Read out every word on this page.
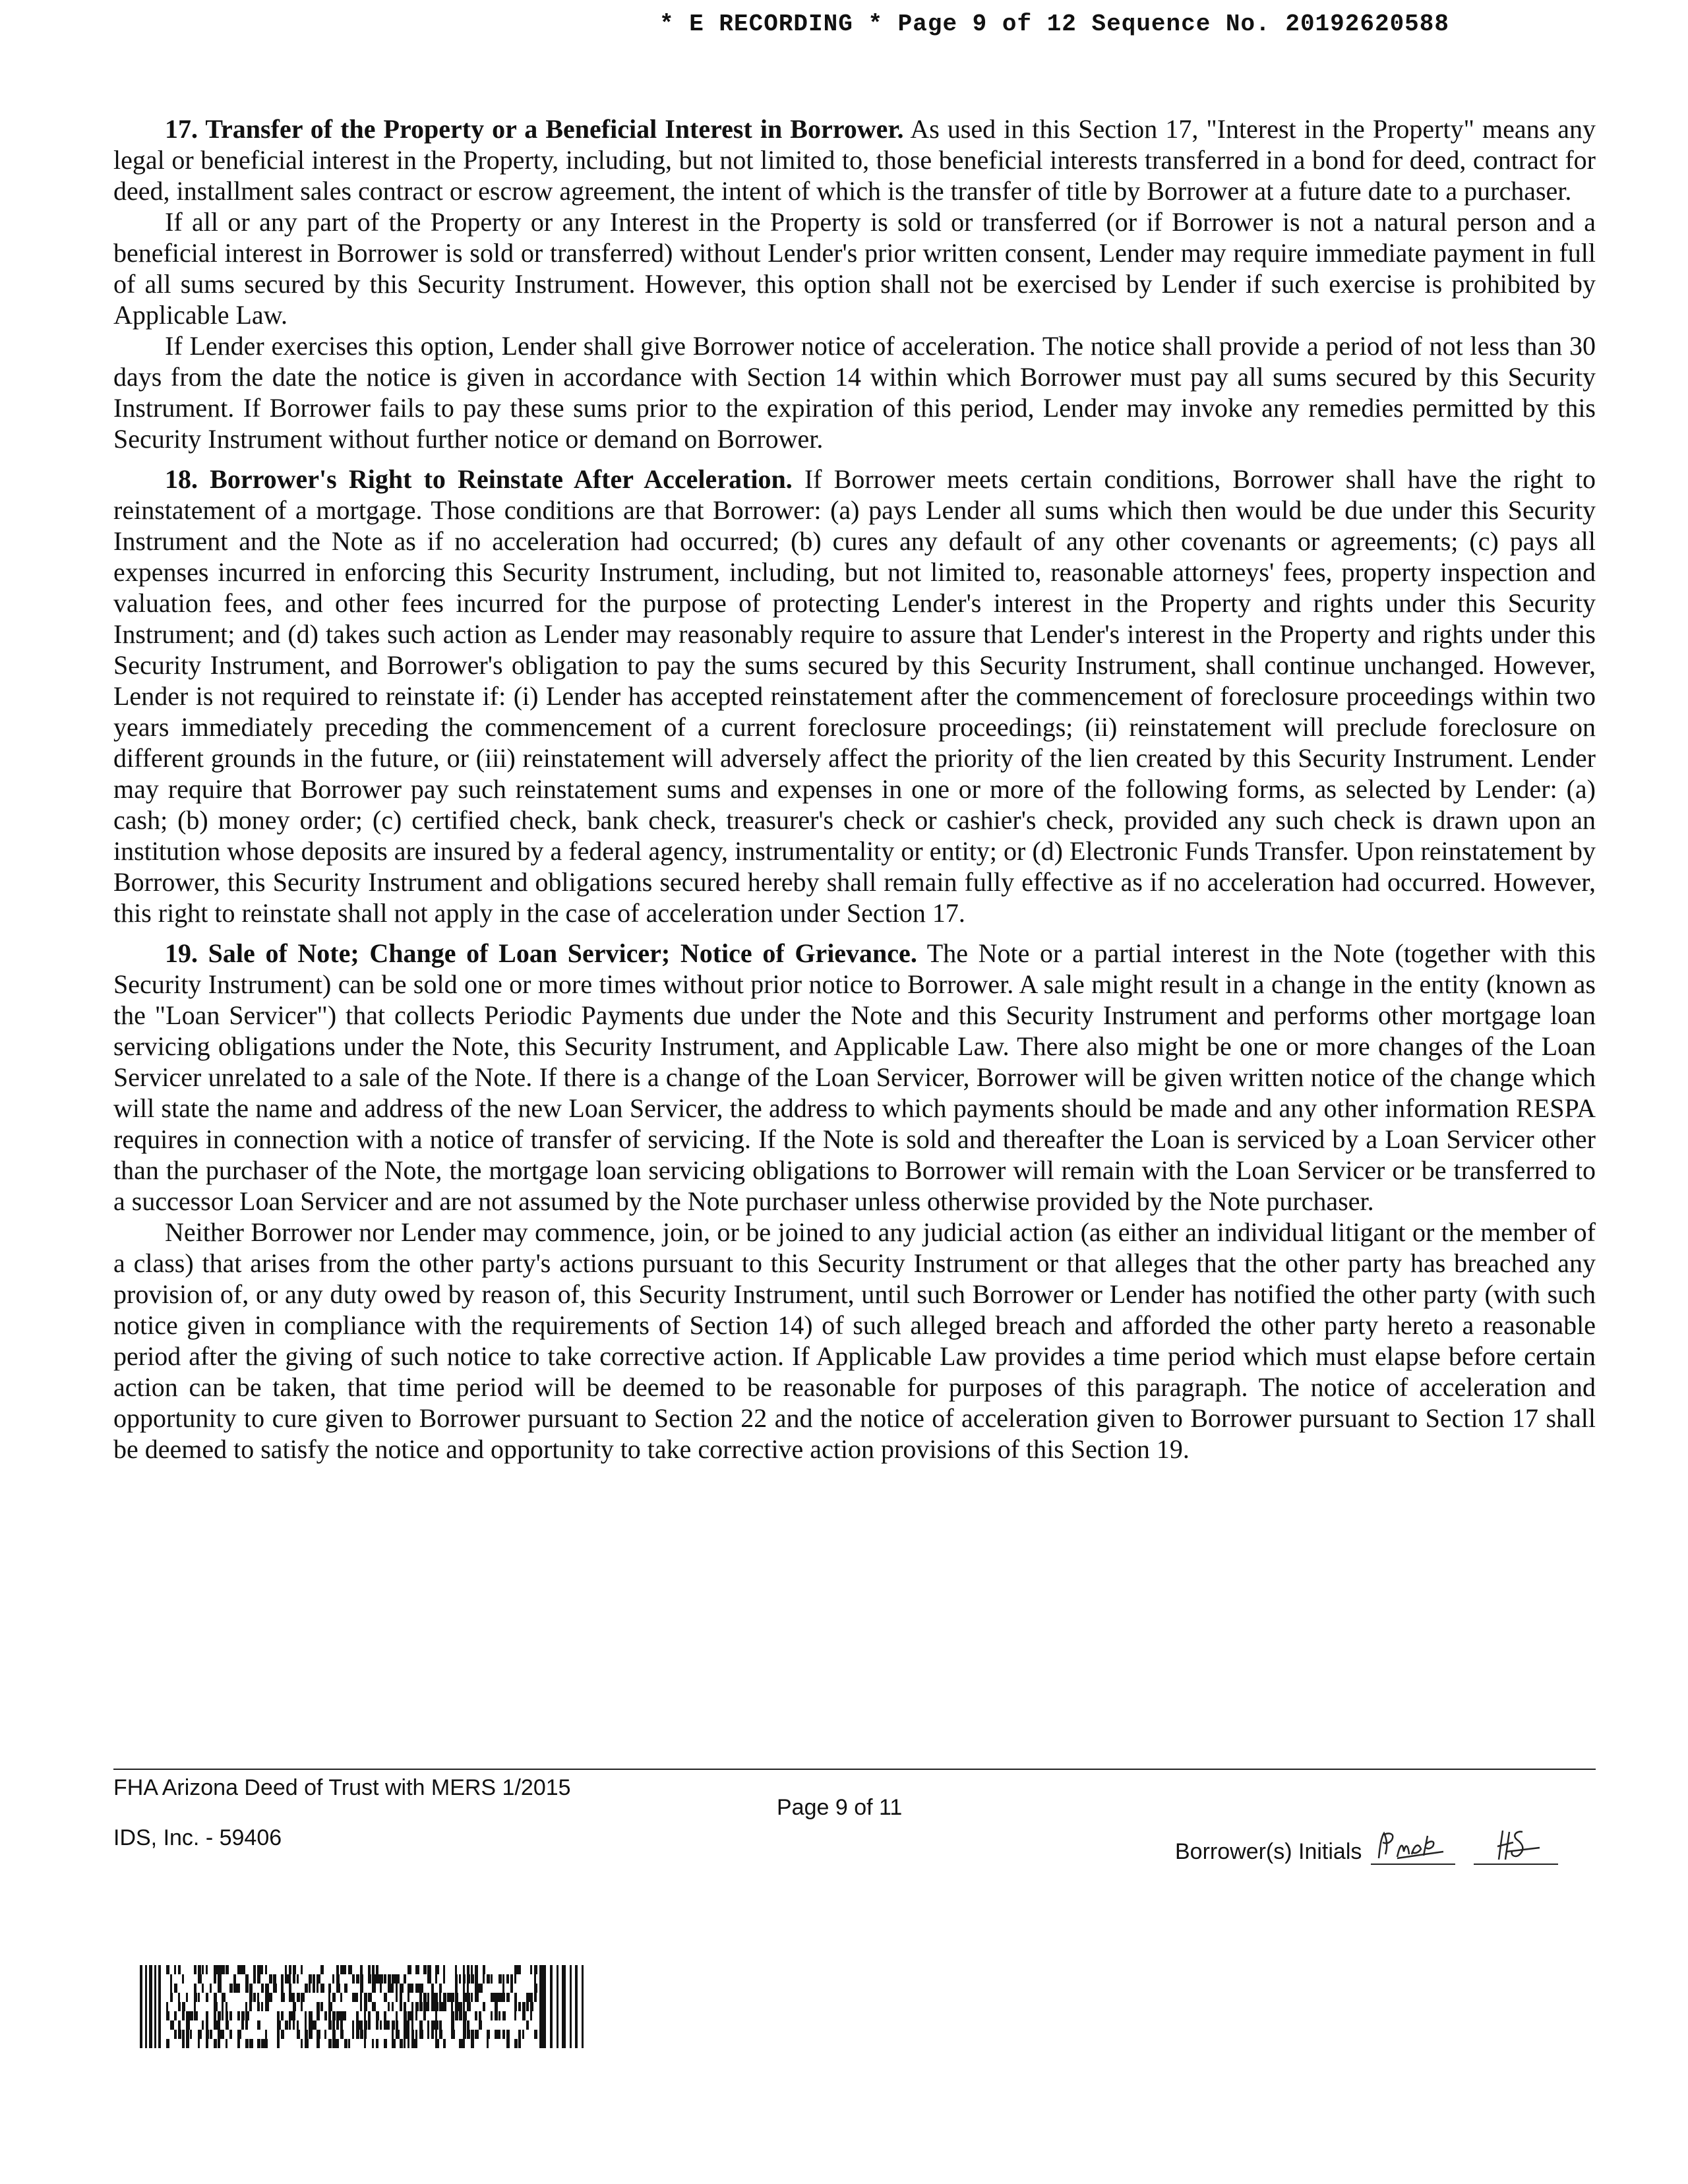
* E RECORDING * Page 9 of 12 Sequence No. 20192620588

17. Transfer of the Property or a Beneficial Interest in Borrower. As used in this Section 17, "Interest in the Property" means any legal or beneficial interest in the Property, including, but not limited to, those beneficial interests transferred in a bond for deed, contract for deed, installment sales contract or escrow agreement, the intent of which is the transfer of title by Borrower at a future date to a purchaser.

If all or any part of the Property or any Interest in the Property is sold or transferred (or if Borrower is not a natural person and a beneficial interest in Borrower is sold or transferred) without Lender's prior written consent, Lender may require immediate payment in full of all sums secured by this Security Instrument. However, this option shall not be exercised by Lender if such exercise is prohibited by Applicable Law.

If Lender exercises this option, Lender shall give Borrower notice of acceleration. The notice shall provide a period of not less than 30 days from the date the notice is given in accordance with Section 14 within which Borrower must pay all sums secured by this Security Instrument. If Borrower fails to pay these sums prior to the expiration of this period, Lender may invoke any remedies permitted by this Security Instrument without further notice or demand on Borrower.

18. Borrower's Right to Reinstate After Acceleration. If Borrower meets certain conditions, Borrower shall have the right to reinstatement of a mortgage. Those conditions are that Borrower: (a) pays Lender all sums which then would be due under this Security Instrument and the Note as if no acceleration had occurred; (b) cures any default of any other covenants or agreements; (c) pays all expenses incurred in enforcing this Security Instrument, including, but not limited to, reasonable attorneys' fees, property inspection and valuation fees, and other fees incurred for the purpose of protecting Lender's interest in the Property and rights under this Security Instrument; and (d) takes such action as Lender may reasonably require to assure that Lender's interest in the Property and rights under this Security Instrument, and Borrower's obligation to pay the sums secured by this Security Instrument, shall continue unchanged. However, Lender is not required to reinstate if: (i) Lender has accepted reinstatement after the commencement of foreclosure proceedings within two years immediately preceding the commencement of a current foreclosure proceedings; (ii) reinstatement will preclude foreclosure on different grounds in the future, or (iii) reinstatement will adversely affect the priority of the lien created by this Security Instrument. Lender may require that Borrower pay such reinstatement sums and expenses in one or more of the following forms, as selected by Lender: (a) cash; (b) money order; (c) certified check, bank check, treasurer's check or cashier's check, provided any such check is drawn upon an institution whose deposits are insured by a federal agency, instrumentality or entity; or (d) Electronic Funds Transfer. Upon reinstatement by Borrower, this Security Instrument and obligations secured hereby shall remain fully effective as if no acceleration had occurred. However, this right to reinstate shall not apply in the case of acceleration under Section 17.

19. Sale of Note; Change of Loan Servicer; Notice of Grievance. The Note or a partial interest in the Note (together with this Security Instrument) can be sold one or more times without prior notice to Borrower. A sale might result in a change in the entity (known as the "Loan Servicer") that collects Periodic Payments due under the Note and this Security Instrument and performs other mortgage loan servicing obligations under the Note, this Security Instrument, and Applicable Law. There also might be one or more changes of the Loan Servicer unrelated to a sale of the Note. If there is a change of the Loan Servicer, Borrower will be given written notice of the change which will state the name and address of the new Loan Servicer, the address to which payments should be made and any other information RESPA requires in connection with a notice of transfer of servicing. If the Note is sold and thereafter the Loan is serviced by a Loan Servicer other than the purchaser of the Note, the mortgage loan servicing obligations to Borrower will remain with the Loan Servicer or be transferred to a successor Loan Servicer and are not assumed by the Note purchaser unless otherwise provided by the Note purchaser.

Neither Borrower nor Lender may commence, join, or be joined to any judicial action (as either an individual litigant or the member of a class) that arises from the other party's actions pursuant to this Security Instrument or that alleges that the other party has breached any provision of, or any duty owed by reason of, this Security Instrument, until such Borrower or Lender has notified the other party (with such notice given in compliance with the requirements of Section 14) of such alleged breach and afforded the other party hereto a reasonable period after the giving of such notice to take corrective action. If Applicable Law provides a time period which must elapse before certain action can be taken, that time period will be deemed to be reasonable for purposes of this paragraph. The notice of acceleration and opportunity to cure given to Borrower pursuant to Section 22 and the notice of acceleration given to Borrower pursuant to Section 17 shall be deemed to satisfy the notice and opportunity to take corrective action provisions of this Section 19.

FHA Arizona Deed of Trust with MERS 1/2015
IDS, Inc. - 59406
Page 9 of 11
Borrower(s) Initials
